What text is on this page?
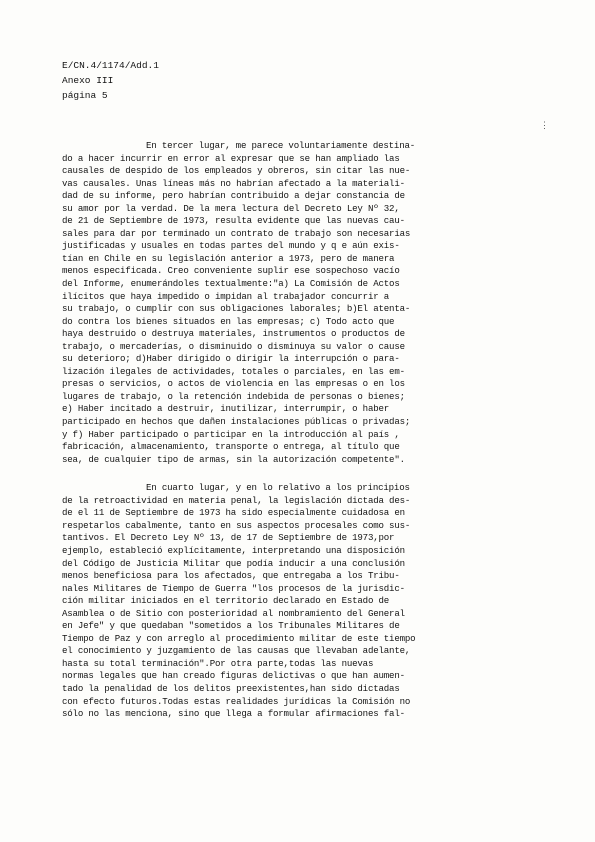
E/CN.4/1174/Add.1
Anexo III
página 5
⋮
En tercer lugar, me parece voluntariamente destina-
do a hacer incurrir en error al expresar que se han ampliado las
causales de despido de los empleados y obreros, sin citar las nue-
vas causales. Unas líneas más no habrían afectado a la materiali-
dad de su informe, pero habrían contribuido a dejar constancia de
su amor por la verdad. De la mera lectura del Decreto Ley Nº 32,
de 21 de Septiembre de 1973, resulta evidente que las nuevas cau-
sales para dar por terminado un contrato de trabajo son necesarias
justificadas y usuales en todas partes del mundo y q e aún exis-
tían en Chile en su legislación anterior a 1973, pero de manera
menos especificada. Creo conveniente suplir ese sospechoso vacío
del Informe, enumerándoles textualmente:"a) La Comisión de Actos
ilícitos que haya impedido o impidan al trabajador concurrir a
su trabajo, o cumplir con sus obligaciones laborales; b)El atenta-
do contra los bienes situados en las empresas; c) Todo acto que
haya destruido o destruya materiales, instrumentos o productos de
trabajo, o mercaderías, o disminuido o disminuya su valor o cause
su deterioro; d)Haber dirigido o dirigir la interrupción o para-
lización ilegales de actividades, totales o parciales, en las em-
presas o servicios, o actos de violencia en las empresas o en los
lugares de trabajo, o la retención indebida de personas o bienes;
e) Haber incitado a destruir, inutilizar, interrumpir, o haber
participado en hechos que dañen instalaciones públicas o privadas;
y f) Haber participado o participar en la introducción al país ,
fabricación, almacenamiento, transporte o entrega, al título que
sea, de cualquier tipo de armas, sin la autorización competente".
En cuarto lugar, y en lo relativo a los principios
de la retroactividad en materia penal, la legislación dictada des-
de el 11 de Septiembre de 1973 ha sido especialmente cuidadosa en
respetarlos cabalmente, tanto en sus aspectos procesales como sus-
tantivos. El Decreto Ley Nº 13, de 17 de Septiembre de 1973,por
ejemplo, estableció explícitamente, interpretando una disposición
del Código de Justicia Militar que podía inducir a una conclusión
menos beneficiosa para los afectados, que entregaba a los Tribu-
nales Militares de Tiempo de Guerra "los procesos de la jurisdic-
ción militar iniciados en el territorio declarado en Estado de
Asamblea o de Sitio con posterioridad al nombramiento del General
en Jefe" y que quedaban "sometidos a los Tribunales Militares de
Tiempo de Paz y con arreglo al procedimiento militar de este tiempo
el conocimiento y juzgamiento de las causas que llevaban adelante,
hasta su total terminación".Por otra parte,todas las nuevas
normas legales que han creado figuras delictivas o que han aumen-
tado la penalidad de los delitos preexistentes,han sido dictadas
con efecto futuros.Todas estas realidades jurídicas la Comisión no
sólo no las menciona, sino que llega a formular afirmaciones fal-
